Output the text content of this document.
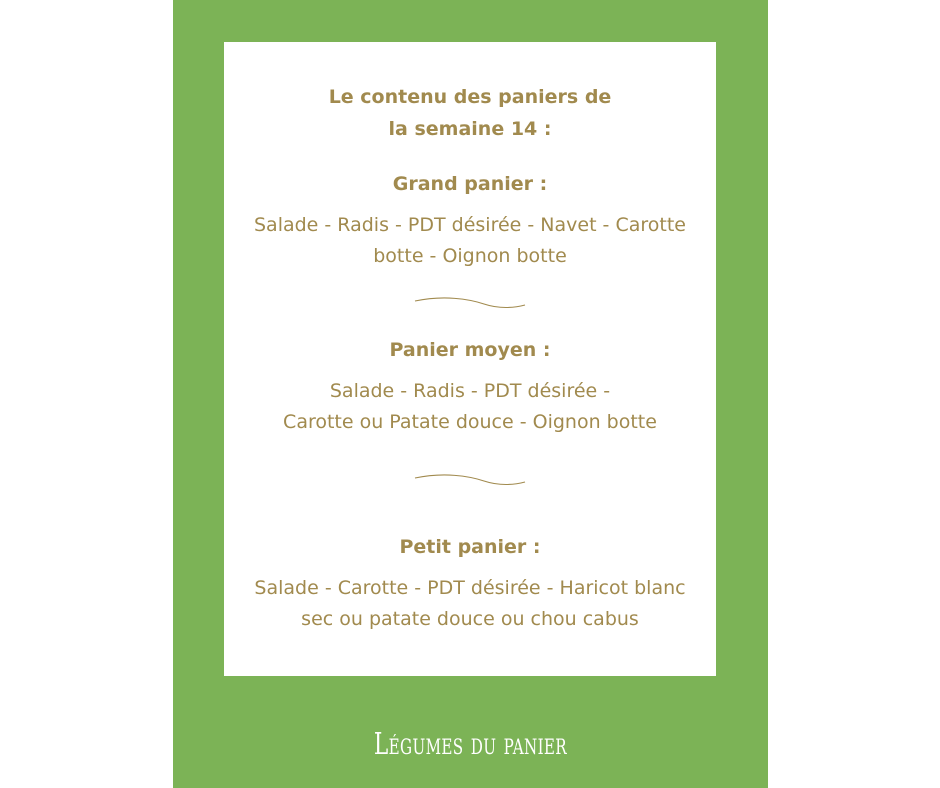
Le contenu des paniers de

la semaine 14 :

Grand panier :

Salade - Radis - PDT désirée - Navet - Carotte

botte - Oignon botte

Panier moyen :

Salade - Radis - PDT désirée -

Carotte ou Patate douce - Oignon botte

Petit panier :

Salade - Carotte - PDT désirée - Haricot blanc

sec ou patate douce ou chou cabus

Légumes du panier
